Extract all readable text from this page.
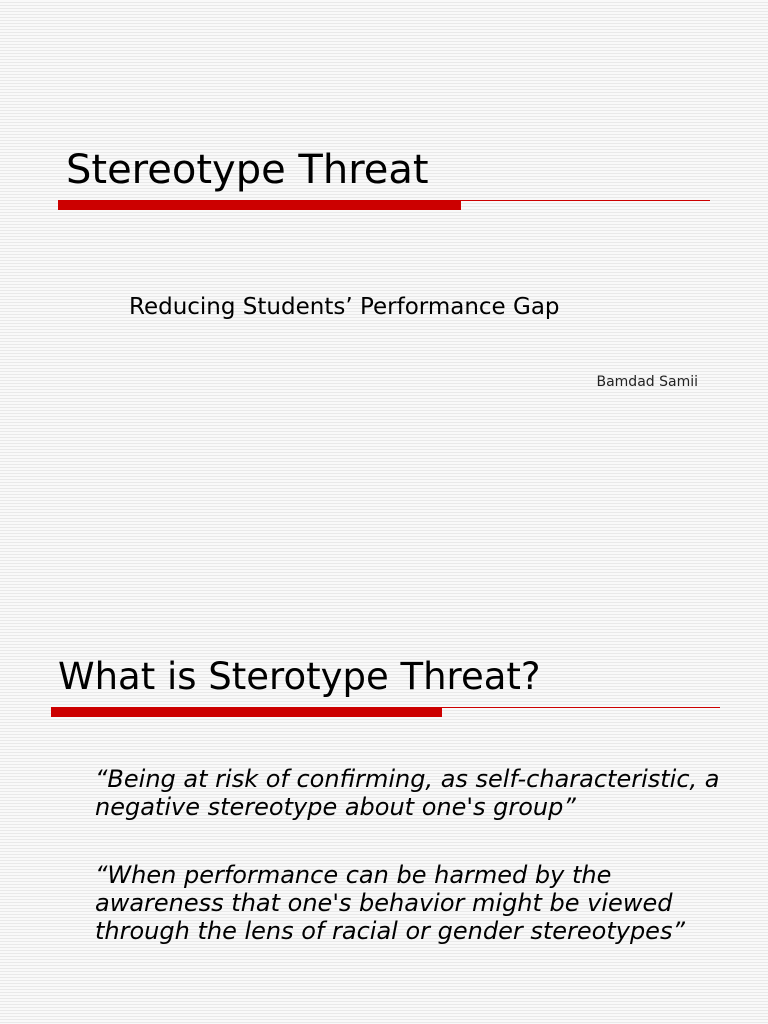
Stereotype Threat
Reducing Students’ Performance Gap
Bamdad Samii
What is Sterotype Threat?

“Being at risk of confirming, as self-characteristic, a negative stereotype about one's group”

“When performance can be harmed by the awareness that one's behavior might be viewed through the lens of racial or gender stereotypes”
